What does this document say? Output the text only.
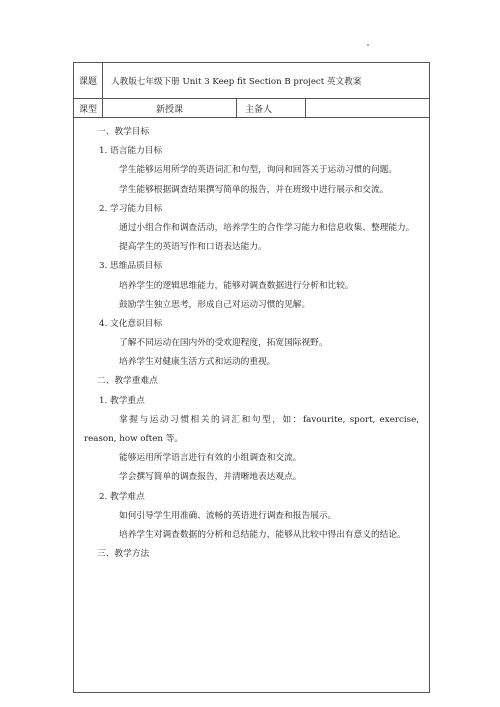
课题	人教版七年级下册 Unit 3 Keep fit Section B project 英文教案
课型	新授课	主备人
一、教学目标
1. 语言能力目标
学生能够运用所学的英语词汇和句型，询问和回答关于运动习惯的问题。
学生能够根据调查结果撰写简单的报告，并在班级中进行展示和交流。
2. 学习能力目标
通过小组合作和调查活动，培养学生的合作学习能力和信息收集、整理能力。
提高学生的英语写作和口语表达能力。
3. 思维品质目标
培养学生的逻辑思维能力，能够对调查数据进行分析和比较。
鼓励学生独立思考，形成自己对运动习惯的见解。
4. 文化意识目标
了解不同运动在国内外的受欢迎程度，拓宽国际视野。
培养学生对健康生活方式和运动的重视。
二、教学重难点
1. 教学重点
掌握与运动习惯相关的词汇和句型，如：favourite, sport, exercise, reason, how often 等。
能够运用所学语言进行有效的小组调查和交流。
学会撰写简单的调查报告，并清晰地表达观点。
2. 教学难点
如何引导学生用准确、流畅的英语进行调查和报告展示。
培养学生对调查数据的分析和总结能力，能够从比较中得出有意义的结论。
三、教学方法
